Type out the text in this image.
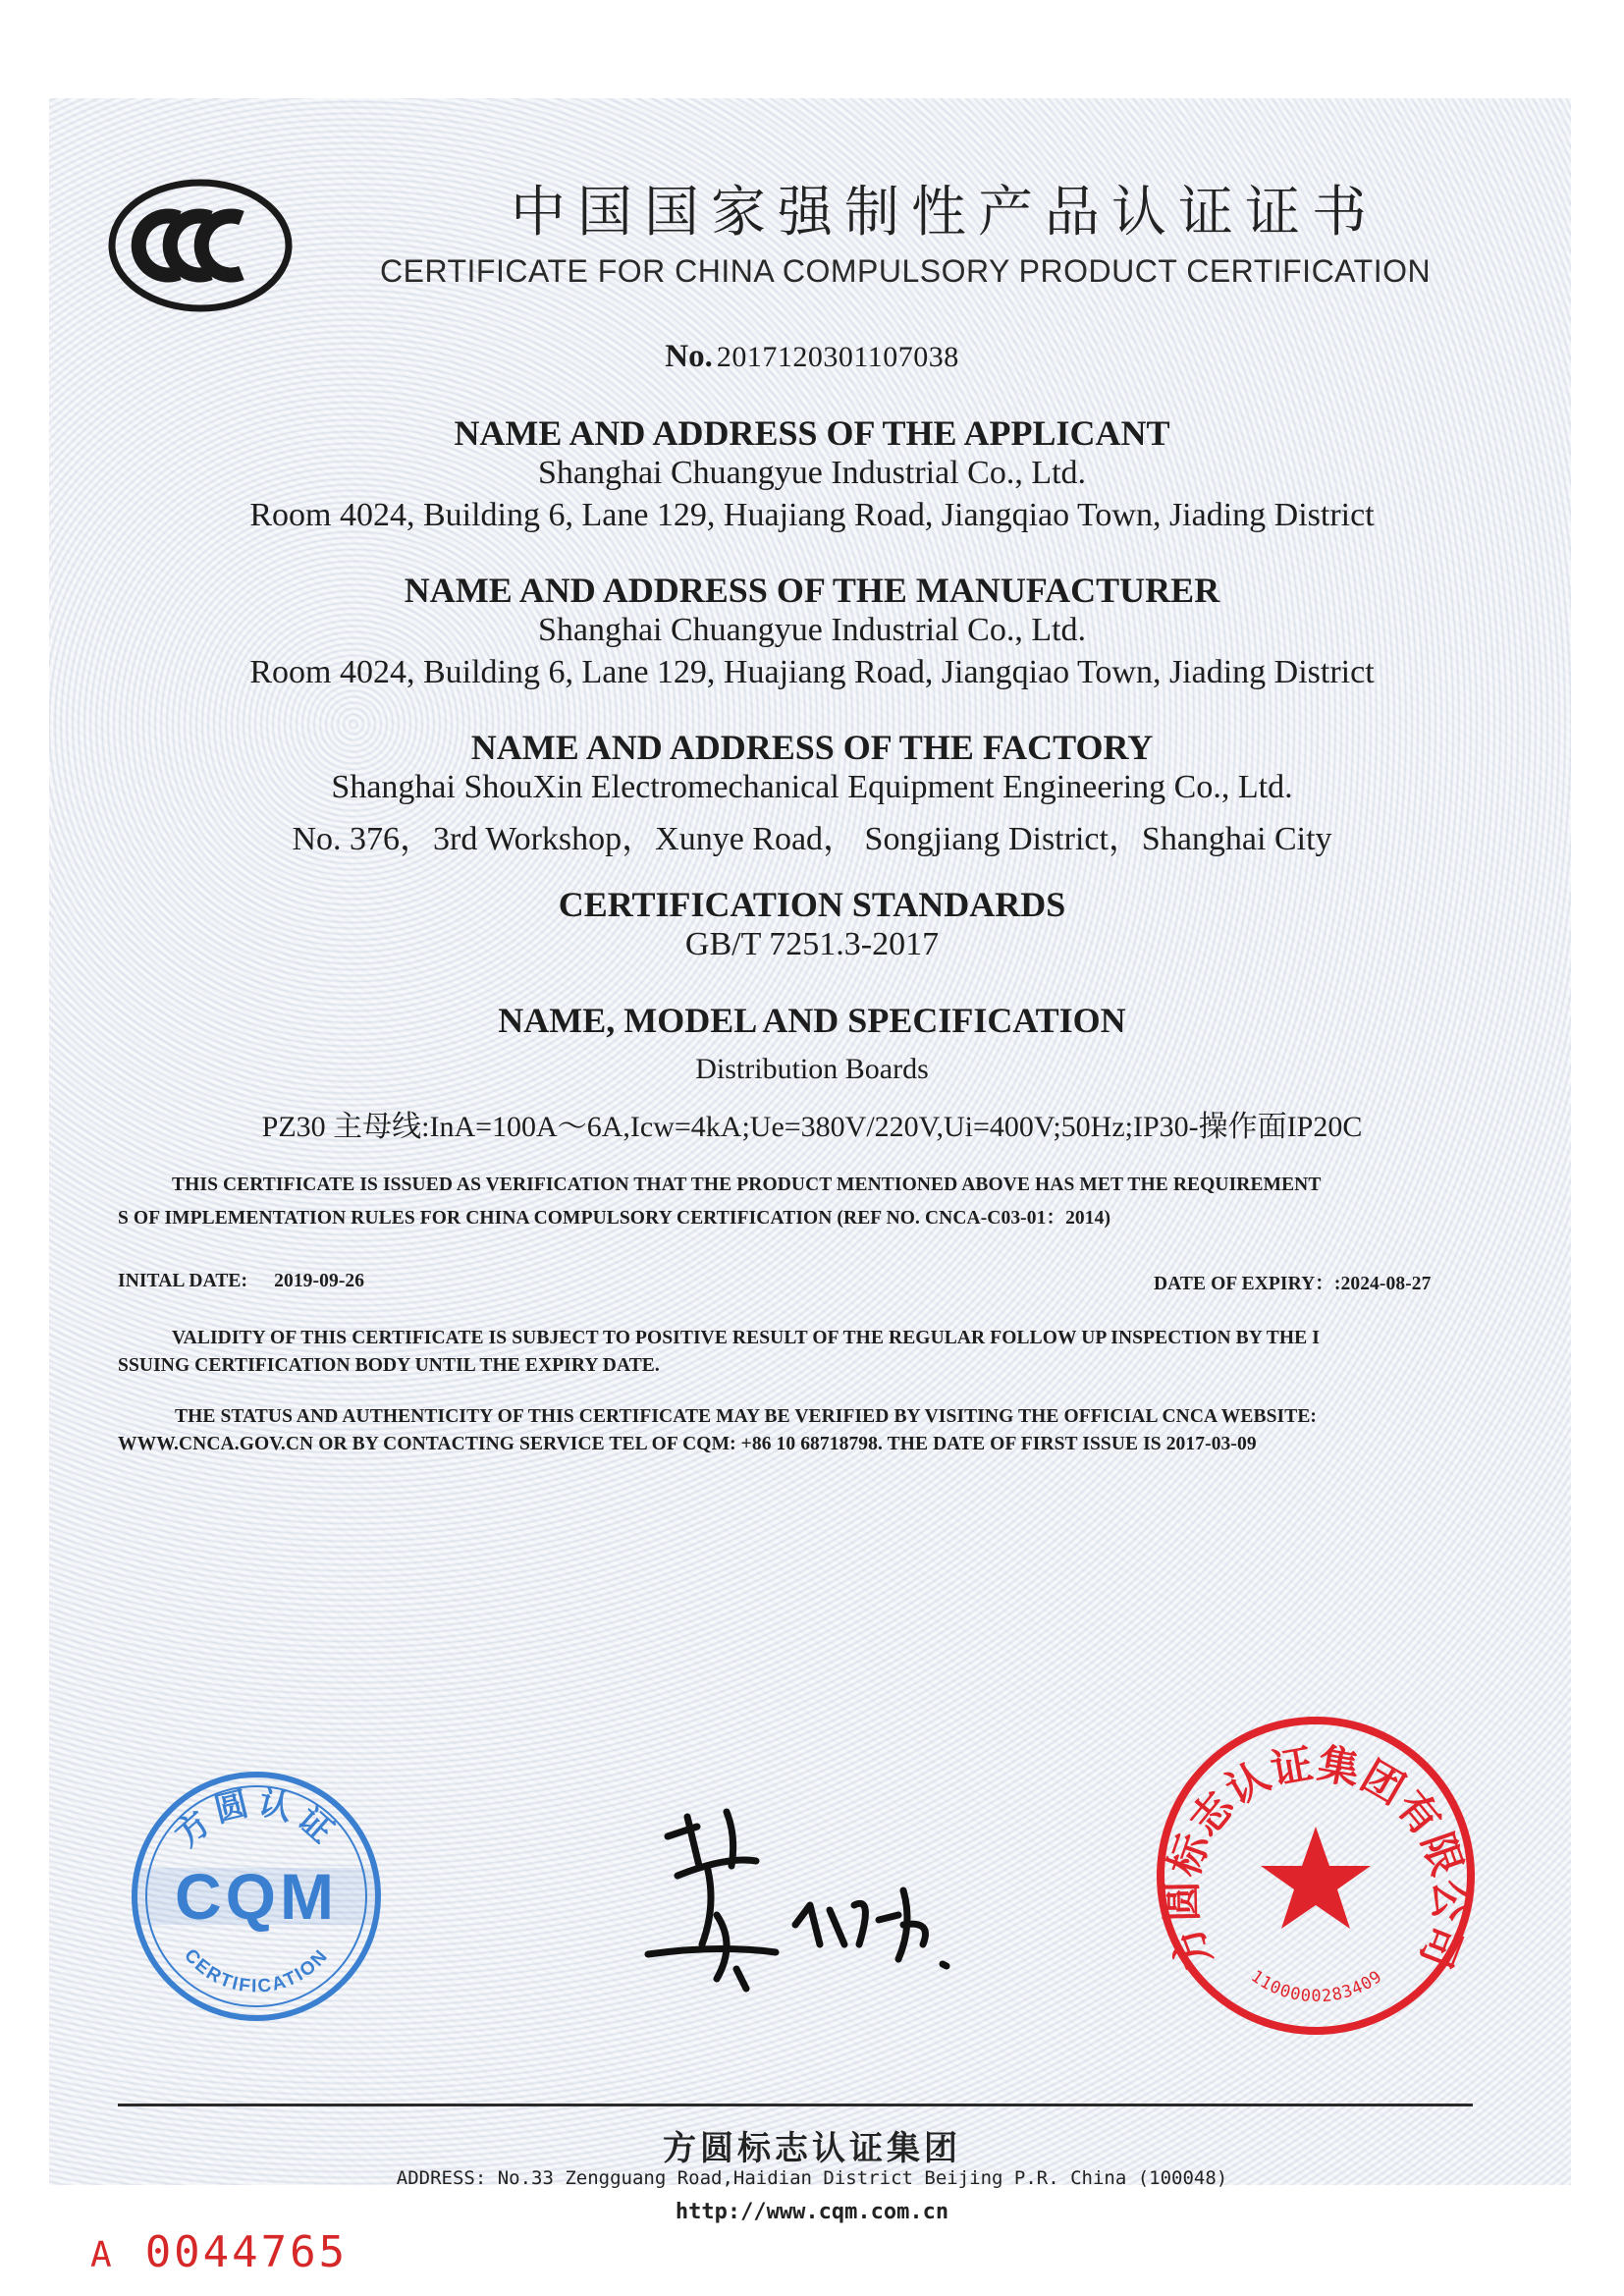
中国国家强制性产品认证证书
CERTIFICATE FOR CHINA COMPULSORY PRODUCT CERTIFICATION
No. 2017120301107038
NAME AND ADDRESS OF THE APPLICANT
Shanghai Chuangyue Industrial Co., Ltd.
Room 4024, Building 6, Lane 129, Huajiang Road, Jiangqiao Town, Jiading District
NAME AND ADDRESS OF THE MANUFACTURER
Shanghai Chuangyue Industrial Co., Ltd.
Room 4024, Building 6, Lane 129, Huajiang Road, Jiangqiao Town, Jiading District
NAME AND ADDRESS OF THE FACTORY
Shanghai ShouXin Electromechanical Equipment Engineering Co., Ltd.
No. 376，3rd Workshop，Xunye Road， Songjiang District，Shanghai City
CERTIFICATION STANDARDS
GB/T 7251.3-2017
NAME, MODEL AND SPECIFICATION
Distribution Boards
PZ30 主母线:InA=100A～6A,Icw=4kA;Ue=380V/220V,Ui=400V;50Hz;IP30-操作面IP20C
THIS CERTIFICATE IS ISSUED AS VERIFICATION THAT THE PRODUCT MENTIONED ABOVE HAS MET THE REQUIREMENT
S OF IMPLEMENTATION RULES FOR CHINA COMPULSORY CERTIFICATION (REF NO. CNCA-C03-01：2014)
INITAL DATE: 2019-09-26	DATE OF EXPIRY：:2024-08-27
VALIDITY OF THIS CERTIFICATE IS SUBJECT TO POSITIVE RESULT OF THE REGULAR FOLLOW UP INSPECTION BY THE I
SSUING CERTIFICATION BODY UNTIL THE EXPIRY DATE.
THE STATUS AND AUTHENTICITY OF THIS CERTIFICATE MAY BE VERIFIED BY VISITING THE OFFICIAL CNCA WEBSITE:
WWW.CNCA.GOV.CN OR BY CONTACTING SERVICE TEL OF CQM: +86 10 68718798. THE DATE OF FIRST ISSUE IS 2017-03-09
方圆认证
CQM
CERTIFICATION	方圆标志认证集团有限公司
1100000283409
方圆标志认证集团
ADDRESS: No.33 Zengguang Road,Haidian District Beijing P.R. China (100048)
http://www.cqm.com.cn
A 0044765
